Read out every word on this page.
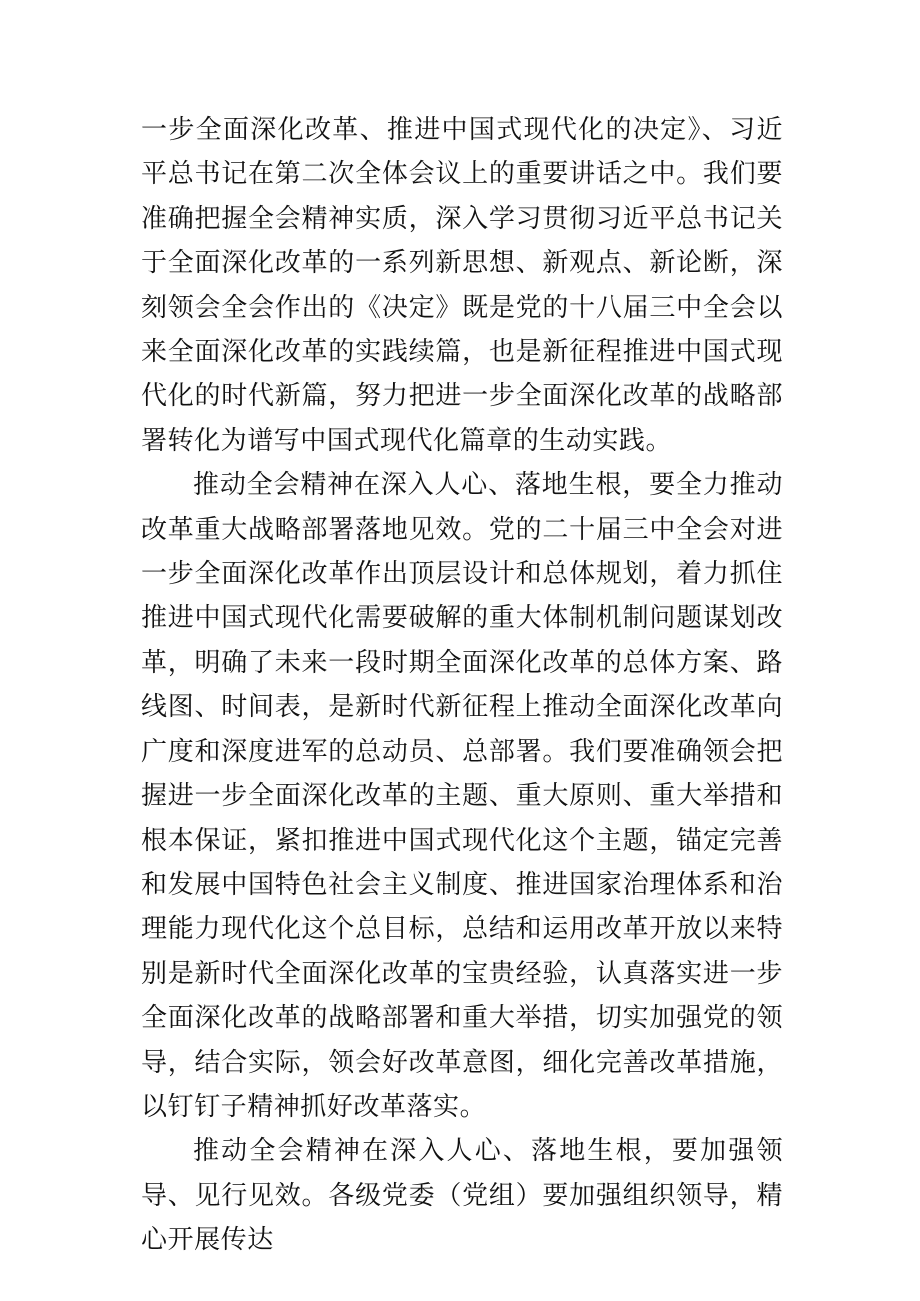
一步全面深化改革、推进中国式现代化的决定》、习近平总书记在第二次全体会议上的重要讲话之中。我们要准确把握全会精神实质，深入学习贯彻习近平总书记关于全面深化改革的一系列新思想、新观点、新论断，深刻领会全会作出的《决定》既是党的十八届三中全会以来全面深化改革的实践续篇，也是新征程推进中国式现代化的时代新篇，努力把进一步全面深化改革的战略部署转化为谱写中国式现代化篇章的生动实践。

推动全会精神在深入人心、落地生根，要全力推动改革重大战略部署落地见效。党的二十届三中全会对进一步全面深化改革作出顶层设计和总体规划，着力抓住推进中国式现代化需要破解的重大体制机制问题谋划改革，明确了未来一段时期全面深化改革的总体方案、路线图、时间表，是新时代新征程上推动全面深化改革向广度和深度进军的总动员、总部署。我们要准确领会把握进一步全面深化改革的主题、重大原则、重大举措和根本保证，紧扣推进中国式现代化这个主题，锚定完善和发展中国特色社会主义制度、推进国家治理体系和治理能力现代化这个总目标，总结和运用改革开放以来特别是新时代全面深化改革的宝贵经验，认真落实进一步全面深化改革的战略部署和重大举措，切实加强党的领导，结合实际，领会好改革意图，细化完善改革措施，以钉钉子精神抓好改革落实。

推动全会精神在深入人心、落地生根，要加强领导、见行见效。各级党委（党组）要加强组织领导，精心开展传达
